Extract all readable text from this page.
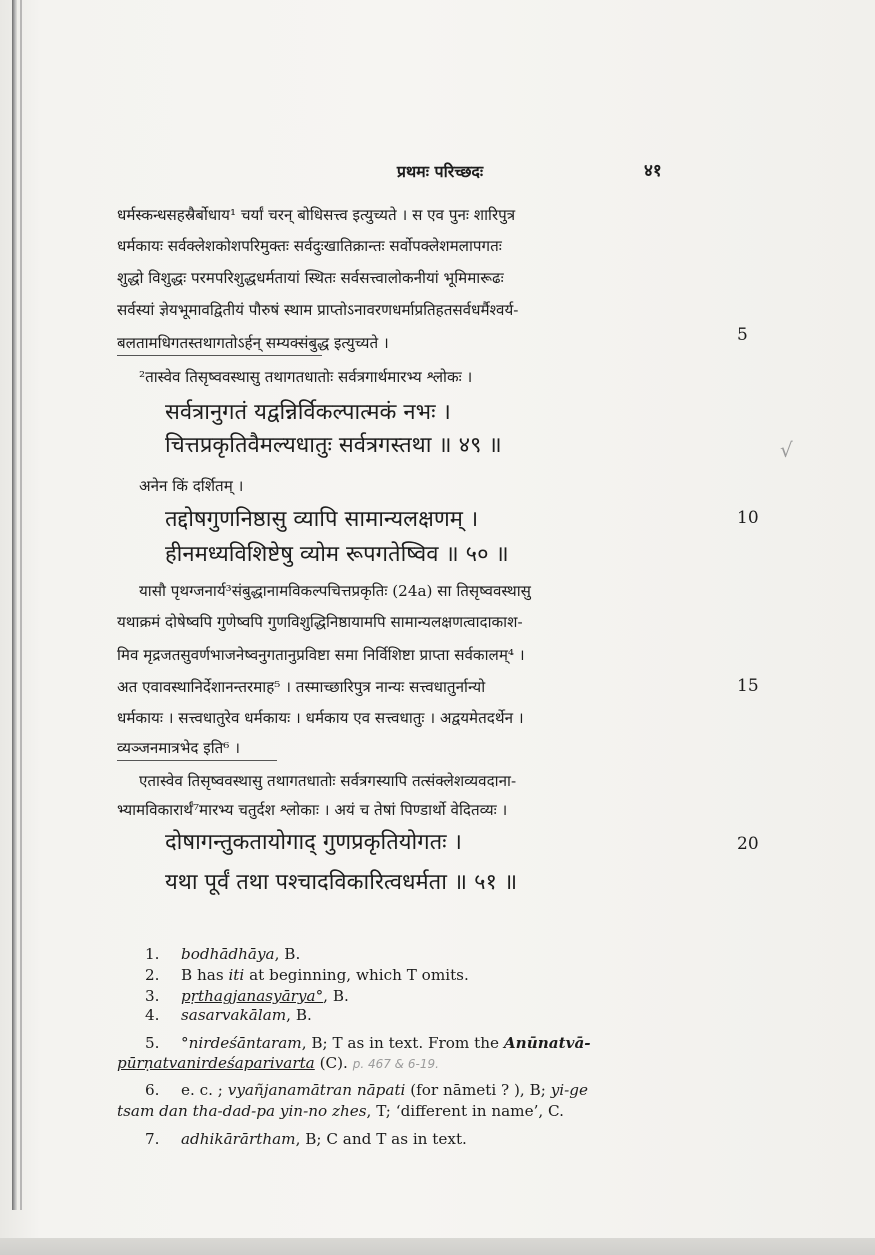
प्रथमः परिच्छदः	४१
धर्मस्कन्धसहस्रैर्बोधाय¹ चर्यां चरन् बोधिसत्त्व इत्युच्यते । स एव पुनः शारिपुत्र
धर्मकायः सर्वक्लेशकोशपरिमुक्तः सर्वदुःखातिक्रान्तः सर्वोपक्लेशमलापगतः
शुद्धो विशुद्धः परमपरिशुद्धधर्मतायां स्थितः सर्वसत्त्वालोकनीयां भूमिमारूढः
सर्वस्यां ज्ञेयभूमावद्वितीयं पौरुषं स्थाम प्राप्तोऽनावरणधर्माप्रतिहतसर्वधर्मैश्वर्य-
बलतामधिगतस्तथागतोऽर्हन् सम्यक्संबुद्ध इत्युच्यते ।
²तास्वेव तिसृष्ववस्थासु तथागतधातोः सर्वत्रगार्थमारभ्य श्लोकः ।
सर्वत्रानुगतं यद्वन्निर्विकल्पात्मकं नभः ।
चित्तप्रकृतिवैमल्यधातुः सर्वत्रगस्तथा ॥ ४९ ॥
अनेन किं दर्शितम् ।
तद्दोषगुणनिष्ठासु व्यापि सामान्यलक्षणम् ।
हीनमध्यविशिष्टेषु व्योम रूपगतेष्विव ॥ ५० ॥
यासौ पृथग्जनार्य³संबुद्धानामविकल्पचित्तप्रकृतिः (24a) सा तिसृष्ववस्थासु
यथाक्रमं दोषेष्वपि गुणेष्वपि गुणविशुद्धिनिष्ठायामपि सामान्यलक्षणत्वादाकाश-
मिव मृद्रजतसुवर्णभाजनेष्वनुगतानुप्रविष्टा समा निर्विशिष्टा प्राप्ता सर्वकालम्⁴ ।
अत एवावस्थानिर्देशानन्तरमाह⁵ । तस्माच्छारिपुत्र नान्यः सत्त्वधातुर्नान्यो
धर्मकायः । सत्त्वधातुरेव धर्मकायः । धर्मकाय एव सत्त्वधातुः । अद्वयमेतदर्थेन ।
व्यञ्जनमात्रभेद इति⁶ ।
एतास्वेव तिसृष्ववस्थासु तथागतधातोः सर्वत्रगस्यापि तत्संक्लेशव्यवदाना-
भ्यामविकारार्थं⁷मारभ्य चतुर्दश श्लोकाः । अयं च तेषां पिण्डार्थो वेदितव्यः ।
दोषागन्तुकतायोगाद् गुणप्रकृतियोगतः ।
यथा पूर्वं तथा पश्चादविकारित्वधर्मता ॥ ५१ ॥
5
10
15
20
√
1. bodhādhāya, B.
2. B has iti at beginning, which T omits.
3. pṛthagjanasyārya°, B.
4. sasarvakālam, B.
5. °nirdeśāntaram, B; T as in text. From the Anūnatvā-
pūrṇatvanirdeśaparivarta (C). p. 467 & 6-19.
6. e. c. ; vyañjanamātran nāpati (for nāmeti ? ), B; yi-ge
tsam dan tha-dad-pa yin-no zhes, T; ‘different in name’, C.
7. adhikārārtham, B; C and T as in text.
